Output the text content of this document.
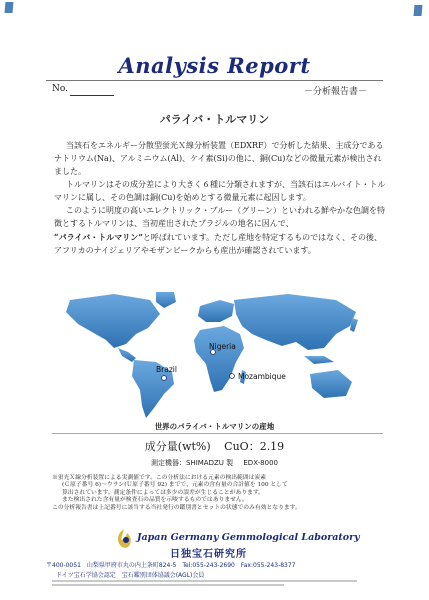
Analysis Report
No.	－分析報告書－
パライバ・トルマリン

当該石をエネルギー分散型蛍光Ｘ線分析装置（EDXRF）で分析した結果、主成分であるナトリウム(Na)、アルミニウム(Al)、ケイ素(Si)の他に、銅(Cu)などの微量元素が検出されました。

トルマリンはその成分差により大きく６種に分類されますが、当該石はエルバイト・トルマリンに属し、その色調は銅(Cu)を始めとする微量元素に起因します。

このように明度の高いエレクトリック・ブルー（グリーン）といわれる鮮やかな色調を特徴とするトルマリンは、当初産出されたブラジルの地名に因んで、

“パライバ・トルマリン”と呼ばれています。ただし産地を特定するものではなく、その後、アフリカのナイジェリアやモザンビークからも産出が確認されています。

Nigeria
Brazil
Mozambique
世界のパライバ・トルマリンの産地
成分量(wt%) CuO：2.19
測定機器：SHIMADZU 製 EDX-8000
※蛍光Ｘ線分析装置による実測値です。この分析法における元素の検出範囲は炭素
(Ｃ原子番号 6)～ウラン(Ｕ原子番号 92) までで、元素の含有量の合計値を 100 として
算出されています。測定条件によっては多少の誤差が生じることがあります。
また検出された含有量が検査石の品質を示唆するものではありません。
この分析報告書は上記番号に該当する当社発行の鑑別書とセットの状態でのみ有効となります。
Japan Germany Gemmological Laboratory
日独宝石研究所
〒400-0051　山梨県甲府市丸の内上条町824-5　Tel:055-243-2690　Fax:055-243-8377
ドイツ宝石学協会認定　宝石鑑別団体協議会(AGL)会員
